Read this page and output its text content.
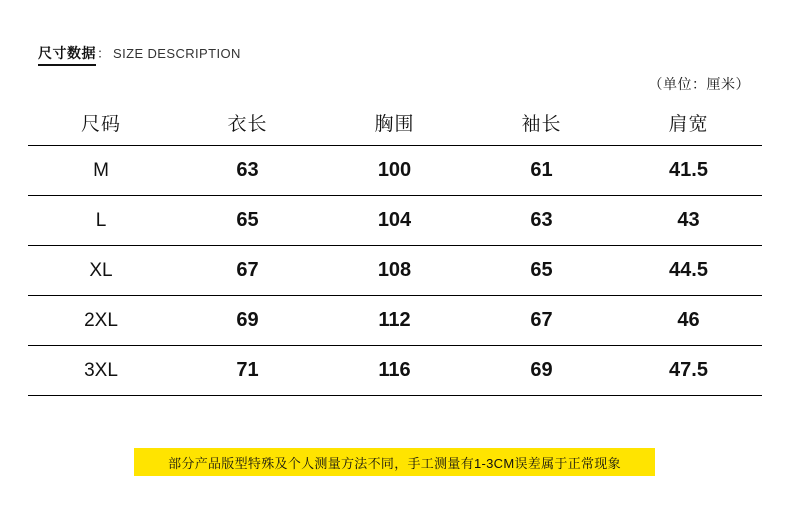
尺寸数据 ： SIZE DESCRIPTION
（单位：厘米）
尺码	衣长	胸围	袖长	肩宽
M	63	100	61	41.5
L	65	104	63	43
XL	67	108	65	44.5
2XL	69	112	67	46
3XL	71	116	69	47.5
部分产品版型特殊及个人测量方法不同，手工测量有1-3CM误差属于正常现象
